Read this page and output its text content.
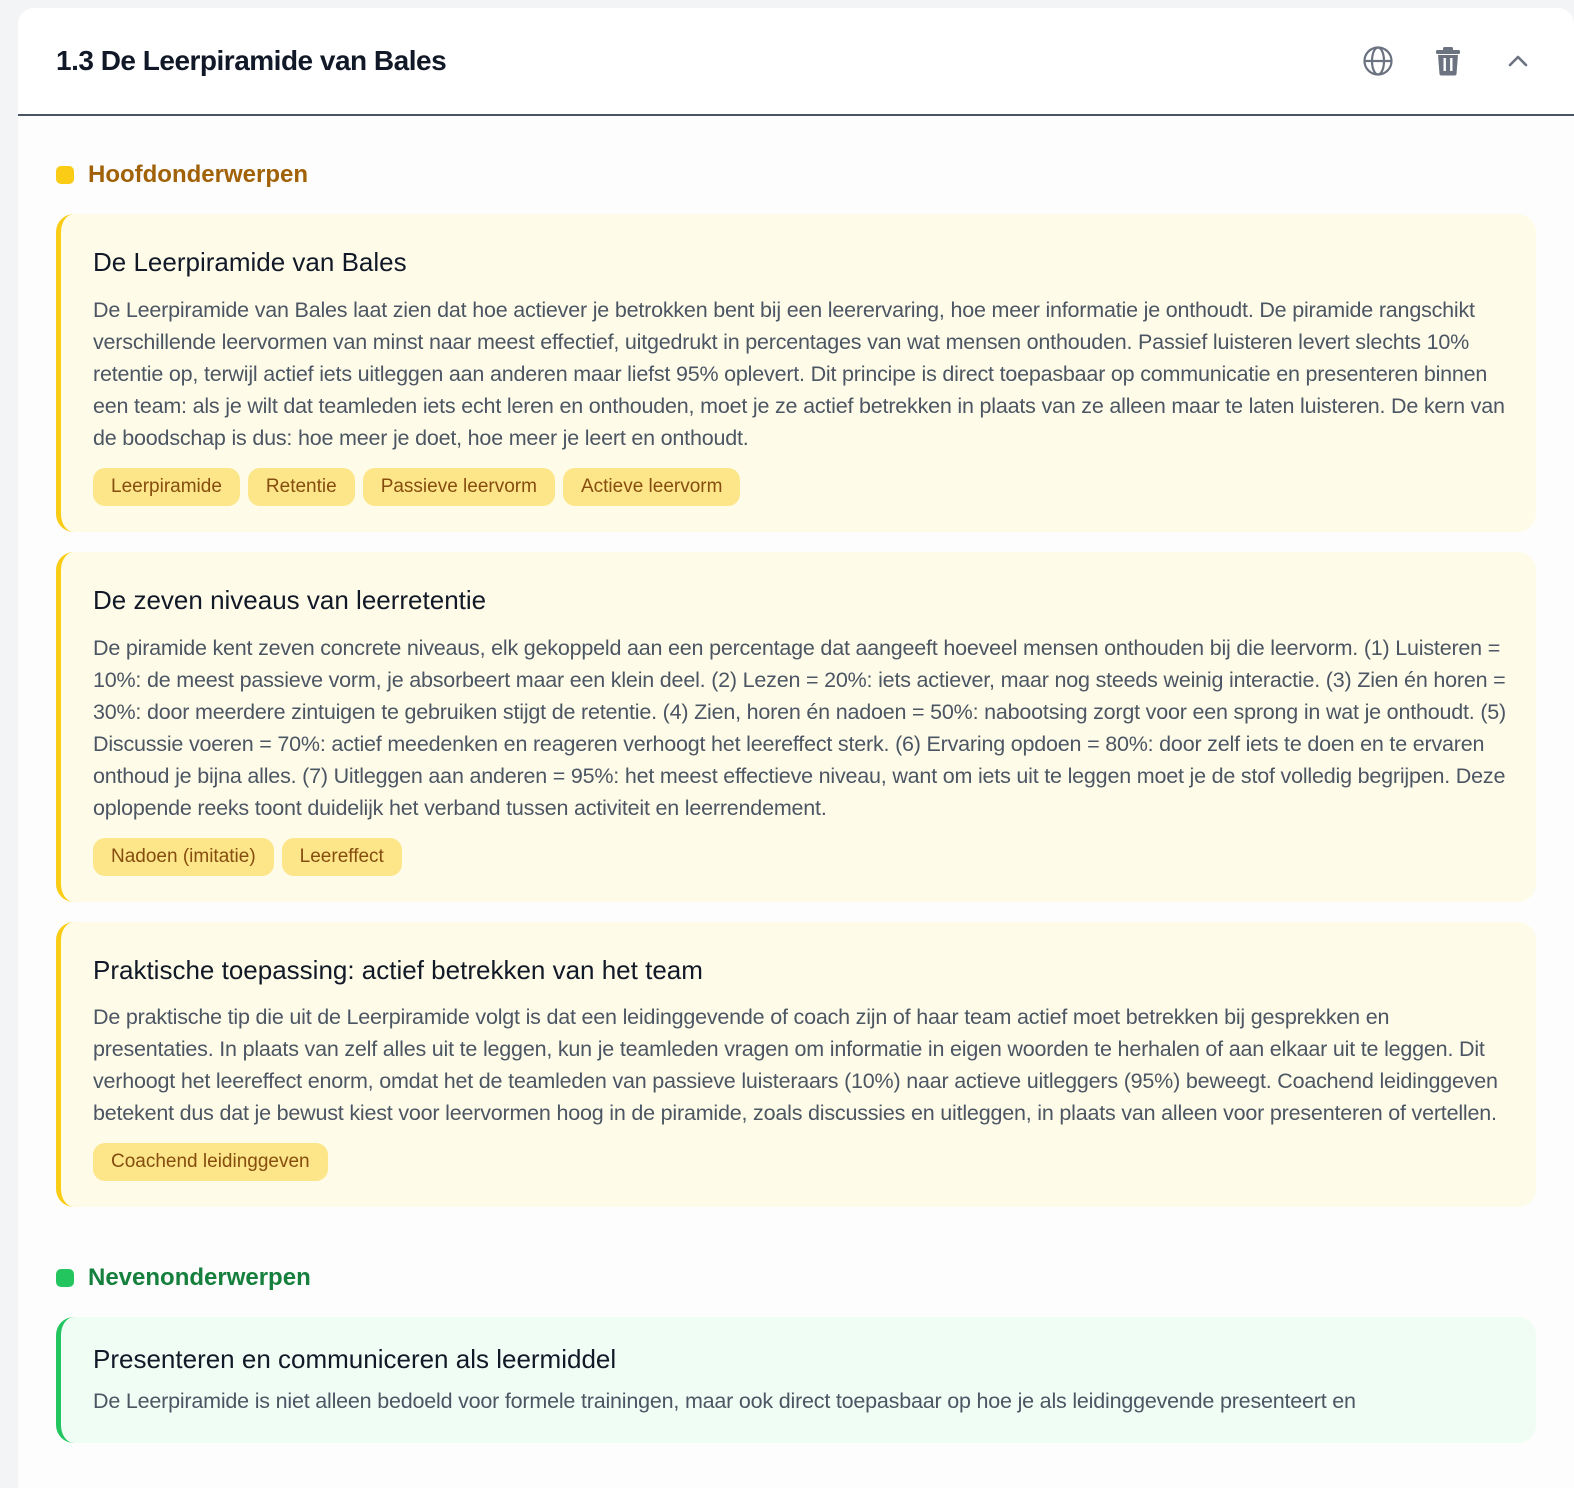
1.3 De Leerpiramide van Bales
Hoofdonderwerpen
De Leerpiramide van Bales

De Leerpiramide van Bales laat zien dat hoe actiever je betrokken bent bij een leerervaring, hoe meer informatie je onthoudt. De piramide rangschikt verschillende leervormen van minst naar meest effectief, uitgedrukt in percentages van wat mensen onthouden. Passief luisteren levert slechts 10% retentie op, terwijl actief iets uitleggen aan anderen maar liefst 95% oplevert. Dit principe is direct toepasbaar op communicatie en presenteren binnen een team: als je wilt dat teamleden iets echt leren en onthouden, moet je ze actief betrekken in plaats van ze alleen maar te laten luisteren. De kern van de boodschap is dus: hoe meer je doet, hoe meer je leert en onthoudt.

Leerpiramide	Retentie	Passieve leervorm	Actieve leervorm
De zeven niveaus van leerretentie

De piramide kent zeven concrete niveaus, elk gekoppeld aan een percentage dat aangeeft hoeveel mensen onthouden bij die leervorm. (1) Luisteren = 10%: de meest passieve vorm, je absorbeert maar een klein deel. (2) Lezen = 20%: iets actiever, maar nog steeds weinig interactie. (3) Zien én horen = 30%: door meerdere zintuigen te gebruiken stijgt de retentie. (4) Zien, horen én nadoen = 50%: nabootsing zorgt voor een sprong in wat je onthoudt. (5) Discussie voeren = 70%: actief meedenken en reageren verhoogt het leereffect sterk. (6) Ervaring opdoen = 80%: door zelf iets te doen en te ervaren onthoud je bijna alles. (7) Uitleggen aan anderen = 95%: het meest effectieve niveau, want om iets uit te leggen moet je de stof volledig begrijpen. Deze oplopende reeks toont duidelijk het verband tussen activiteit en leerrendement.

Nadoen (imitatie)	Leereffect
Praktische toepassing: actief betrekken van het team

De praktische tip die uit de Leerpiramide volgt is dat een leidinggevende of coach zijn of haar team actief moet betrekken bij gesprekken en presentaties. In plaats van zelf alles uit te leggen, kun je teamleden vragen om informatie in eigen woorden te herhalen of aan elkaar uit te leggen. Dit verhoogt het leereffect enorm, omdat het de teamleden van passieve luisteraars (10%) naar actieve uitleggers (95%) beweegt. Coachend leidinggeven betekent dus dat je bewust kiest voor leervormen hoog in de piramide, zoals discussies en uitleggen, in plaats van alleen voor presenteren of vertellen.

Coachend leidinggeven
Nevenonderwerpen
Presenteren en communiceren als leermiddel

De Leerpiramide is niet alleen bedoeld voor formele trainingen, maar ook direct toepasbaar op hoe je als leidinggevende presenteert en
